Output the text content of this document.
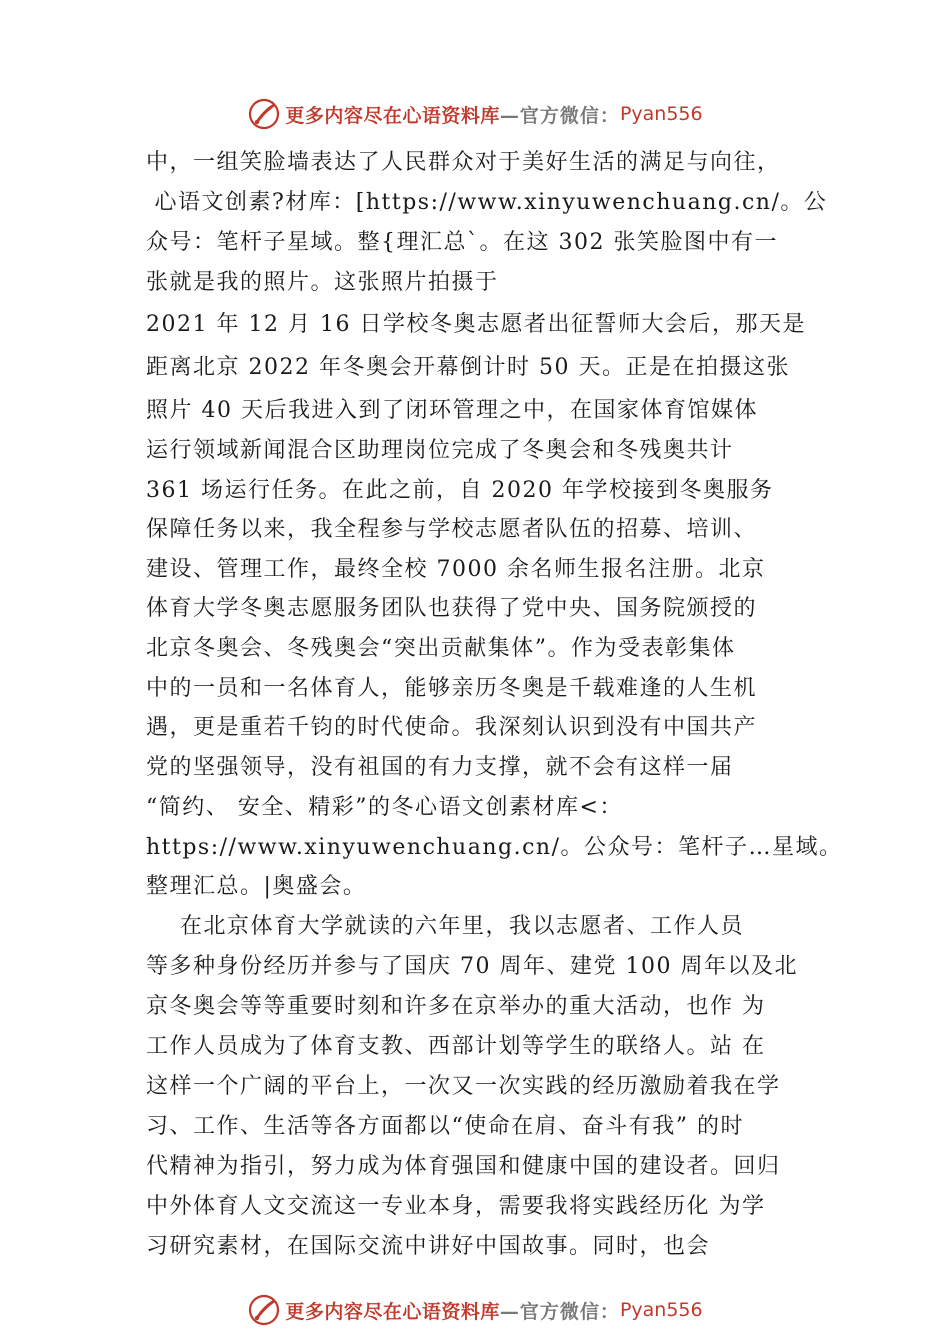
更多内容尽在心语资料库 —官方微信： Pyan556
中，一组笑脸墙表达了人民群众对于美好生活的满足与向往，
心语文创素?材库：[https://www.xinyuwenchuang.cn/。公
众号：笔杆子星域。整{理汇总`。在这 302 张笑脸图中有一
张就是我的照片。这张照片拍摄于
2021 年 12 月 16 日学校冬奥志愿者出征誓师大会后，那天是
距离北京 2022 年冬奥会开幕倒计时 50 天。正是在拍摄这张
照片 40 天后我进入到了闭环管理之中，在国家体育馆媒体
运行领域新闻混合区助理岗位完成了冬奥会和冬残奥共计
361 场运行任务。在此之前，自 2020 年学校接到冬奥服务
保障任务以来，我全程参与学校志愿者队伍的招募、培训、
建设、管理工作，最终全校 7000 余名师生报名注册。北京
体育大学冬奥志愿服务团队也获得了党中央、国务院颁授的
北京冬奥会、冬残奥会“突出贡献集体”。作为受表彰集体
中的一员和一名体育人，能够亲历冬奥是千载难逢的人生机
遇，更是重若千钧的时代使命。我深刻认识到没有中国共产
党的坚强领导，没有祖国的有力支撑，就不会有这样一届
“简约、 安全、精彩”的冬心语文创素材库<：
https://www.xinyuwenchuang.cn/。公众号：笔杆子…星域。
整理汇总。|奥盛会。
在北京体育大学就读的六年里，我以志愿者、工作人员
等多种身份经历并参与了国庆 70 周年、建党 100 周年以及北
京冬奥会等等重要时刻和许多在京举办的重大活动，也作 为
工作人员成为了体育支教、西部计划等学生的联络人。站 在
这样一个广阔的平台上，一次又一次实践的经历激励着我在学
习、工作、生活等各方面都以“使命在肩、奋斗有我” 的时
代精神为指引，努力成为体育强国和健康中国的建设者。回归
中外体育人文交流这一专业本身，需要我将实践经历化 为学
习研究素材，在国际交流中讲好中国故事。同时，也会
更多内容尽在心语资料库 —官方微信： Pyan556
